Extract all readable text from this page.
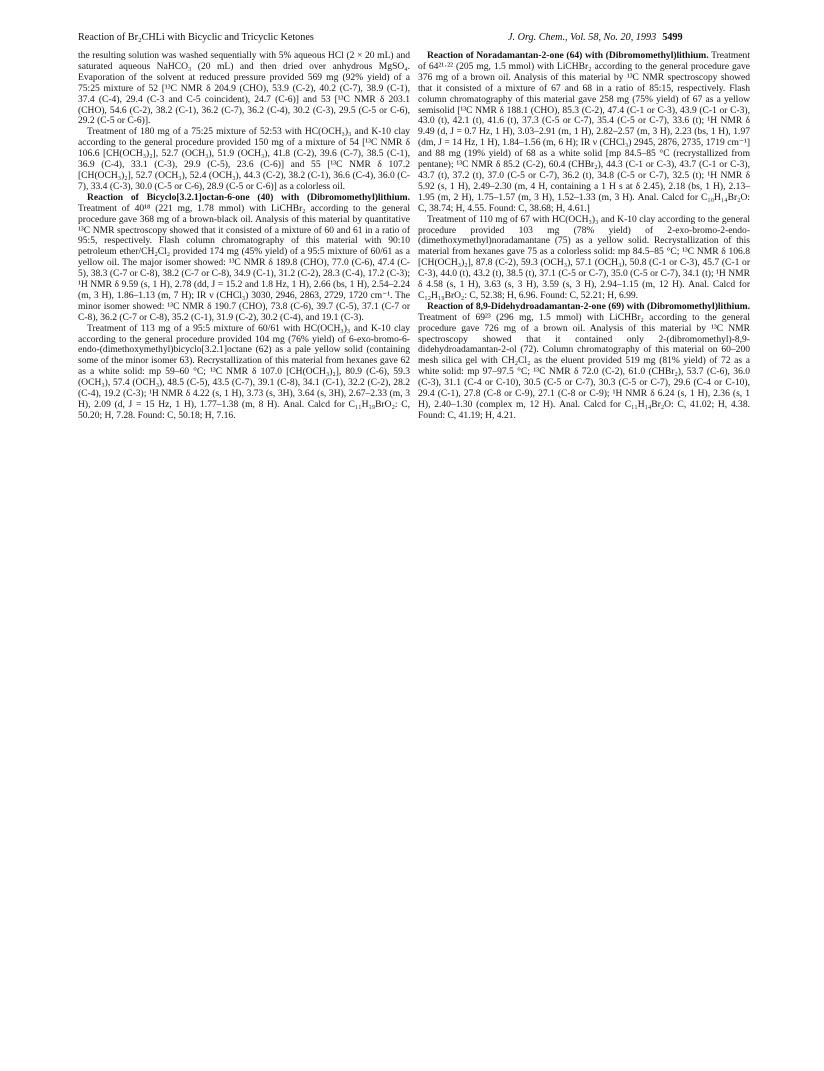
Reaction of Br₂CHLi with Bicyclic and Tricyclic Ketones	J. Org. Chem., Vol. 58, No. 20, 1993 5499

the resulting solution was washed sequentially with 5% aqueous HCl (2 × 20 mL) and saturated aqueous NaHCO₃ (20 mL) and then dried over anhydrous MgSO₄. Evaporation of the solvent at reduced pressure provided 569 mg (92% yield) of a 75:25 mixture of 52 [¹³C NMR δ 204.9 (CHO), 53.9 (C-2), 40.2 (C-7), 38.9 (C-1), 37.4 (C-4), 29.4 (C-3 and C-5 coincident), 24.7 (C-6)] and 53 [¹³C NMR δ 203.1 (CHO), 54.6 (C-2), 38.2 (C-1), 36.2 (C-7), 36.2 (C-4), 30.2 (C-3), 29.5 (C-5 or C-6), 29.2 (C-5 or C-6)].

Treatment of 180 mg of a 75:25 mixture of 52:53 with HC(OCH₃)₃ and K-10 clay according to the general procedure provided 150 mg of a mixture of 54 [¹³C NMR δ 106.6 [CH(OCH₃)₂], 52.7 (OCH₃), 51.9 (OCH₃), 41.8 (C-2), 39.6 (C-7), 38.5 (C-1), 36.9 (C-4), 33.1 (C-3), 29.9 (C-5), 23.6 (C-6)] and 55 [¹³C NMR δ 107.2 [CH(OCH₃)₂], 52.7 (OCH₃), 52.4 (OCH₃), 44.3 (C-2), 38.2 (C-1), 36.6 (C-4), 36.0 (C-7), 33.4 (C-3), 30.0 (C-5 or C-6), 28.9 (C-5 or C-6)] as a colorless oil.

Reaction of Bicyclo[3.2.1]octan-6-one (40) with (Dibromomethyl)lithium. Treatment of 40¹⁸ (221 mg, 1.78 mmol) with LiCHBr₂ according to the general procedure gave 368 mg of a brown-black oil. Analysis of this material by quantitative ¹³C NMR spectroscopy showed that it consisted of a mixture of 60 and 61 in a ratio of 95:5, respectively. Flash column chromatography of this material with 90:10 petroleum ether/CH₂Cl₂ provided 174 mg (45% yield) of a 95:5 mixture of 60/61 as a yellow oil. The major isomer showed: ¹³C NMR δ 189.8 (CHO), 77.0 (C-6), 47.4 (C-5), 38.3 (C-7 or C-8), 38.2 (C-7 or C-8), 34.9 (C-1), 31.2 (C-2), 28.3 (C-4), 17.2 (C-3); ¹H NMR δ 9.59 (s, 1 H), 2.78 (dd, J = 15.2 and 1.8 Hz, 1 H), 2.66 (bs, 1 H), 2.54–2.24 (m, 3 H), 1.86–1.13 (m, 7 H); IR ν (CHCl₃) 3030, 2946, 2863, 2729, 1720 cm⁻¹. The minor isomer showed: ¹³C NMR δ 190.7 (CHO), 73.8 (C-6), 39.7 (C-5), 37.1 (C-7 or C-8), 36.2 (C-7 or C-8), 35.2 (C-1), 31.9 (C-2), 30.2 (C-4), and 19.1 (C-3).

Treatment of 113 mg of a 95:5 mixture of 60/61 with HC(OCH₃)₃ and K-10 clay according to the general procedure provided 104 mg (76% yield) of 6-exo-bromo-6-endo-(dimethoxymethyl)bicyclo[3.2.1]octane (62) as a pale yellow solid (containing some of the minor isomer 63). Recrystallization of this material from hexanes gave 62 as a white solid: mp 59–60 °C; ¹³C NMR δ 107.0 [CH(OCH₃)₂], 80.9 (C-6), 59.3 (OCH₃), 57.4 (OCH₃), 48.5 (C-5), 43.5 (C-7), 39.1 (C-8), 34.1 (C-1), 32.2 (C-2), 28.2 (C-4), 19.2 (C-3); ¹H NMR δ 4.22 (s, 1 H), 3.73 (s, 3H), 3.64 (s, 3H), 2.67–2.33 (m, 3 H), 2.09 (d, J = 15 Hz, 1 H), 1.77–1.38 (m, 8 H). Anal. Calcd for C₁₁H₁₉BrO₂: C, 50.20; H, 7.28. Found: C, 50.18; H, 7.16.

Reaction of Noradamantan-2-one (64) with (Dibromomethyl)lithium. Treatment of 64²¹·²² (205 mg, 1.5 mmol) with LiCHBr₂ according to the general procedure gave 376 mg of a brown oil. Analysis of this material by ¹³C NMR spectroscopy showed that it consisted of a mixture of 67 and 68 in a ratio of 85:15, respectively. Flash column chromatography of this material gave 258 mg (75% yield) of 67 as a yellow semisolid [¹³C NMR δ 188.1 (CHO), 85.3 (C-2), 47.4 (C-1 or C-3), 43.9 (C-1 or C-3), 43.0 (t), 42.1 (t), 41.6 (t), 37.3 (C-5 or C-7), 35.4 (C-5 or C-7), 33.6 (t); ¹H NMR δ 9.49 (d, J = 0.7 Hz, 1 H), 3.03–2.91 (m, 1 H), 2.82–2.57 (m, 3 H), 2.23 (bs, 1 H), 1.97 (dm, J = 14 Hz, 1 H), 1.84–1.56 (m, 6 H); IR ν (CHCl₃) 2945, 2876, 2735, 1719 cm⁻¹] and 88 mg (19% yield) of 68 as a white solid [mp 84.5–85 °C (recrystallized from pentane); ¹³C NMR δ 85.2 (C-2), 60.4 (CHBr₂), 44.3 (C-1 or C-3), 43.7 (C-1 or C-3), 43.7 (t), 37.2 (t), 37.0 (C-5 or C-7), 36.2 (t), 34.8 (C-5 or C-7), 32.5 (t); ¹H NMR δ 5.92 (s, 1 H), 2.49–2.30 (m, 4 H, containing a 1 H s at δ 2.45), 2.18 (bs, 1 H), 2.13–1.95 (m, 2 H), 1.75–1.57 (m, 3 H), 1.52–1.33 (m, 3 H). Anal. Calcd for C₁₀H₁₄Br₂O: C, 38.74; H, 4.55. Found: C, 38.68; H, 4.61.]

Treatment of 110 mg of 67 with HC(OCH₃)₃ and K-10 clay according to the general procedure provided 103 mg (78% yield) of 2-exo-bromo-2-endo-(dimethoxymethyl)noradamantane (75) as a yellow solid. Recrystallization of this material from hexanes gave 75 as a colorless solid: mp 84.5–85 °C; ¹³C NMR δ 106.8 [CH(OCH₃)₂], 87.8 (C-2), 59.3 (OCH₃), 57.1 (OCH₃), 50.8 (C-1 or C-3), 45.7 (C-1 or C-3), 44.0 (t), 43.2 (t), 38.5 (t), 37.1 (C-5 or C-7), 35.0 (C-5 or C-7), 34.1 (t); ¹H NMR δ 4.58 (s, 1 H), 3.63 (s, 3 H), 3.59 (s, 3 H), 2.94–1.15 (m, 12 H). Anal. Calcd for C₁₂H₁₉BrO₂: C, 52.38; H, 6.96. Found: C, 52.21; H, 6.99.

Reaction of 8,9-Didehydroadamantan-2-one (69) with (Dibromomethyl)lithium. Treatment of 69²³ (296 mg, 1.5 mmol) with LiCHBr₂ according to the general procedure gave 726 mg of a brown oil. Analysis of this material by ¹³C NMR spectroscopy showed that it contained only 2-(dibromomethyl)-8,9-didehydroadamantan-2-ol (72). Column chromatography of this material on 60–200 mesh silica gel with CH₂Cl₂ as the eluent provided 519 mg (81% yield) of 72 as a white solid: mp 97–97.5 °C; ¹³C NMR δ 72.0 (C-2), 61.0 (CHBr₂), 53.7 (C-6), 36.0 (C-3), 31.1 (C-4 or C-10), 30.5 (C-5 or C-7), 30.3 (C-5 or C-7), 29.6 (C-4 or C-10), 29.4 (C-1), 27.8 (C-8 or C-9), 27.1 (C-8 or C-9); ¹H NMR δ 6.24 (s, 1 H), 2.36 (s, 1 H), 2.40–1.30 (complex m, 12 H). Anal. Calcd for C₁₁H₁₄Br₂O: C, 41.02; H, 4.38. Found: C, 41.19; H, 4.21.
